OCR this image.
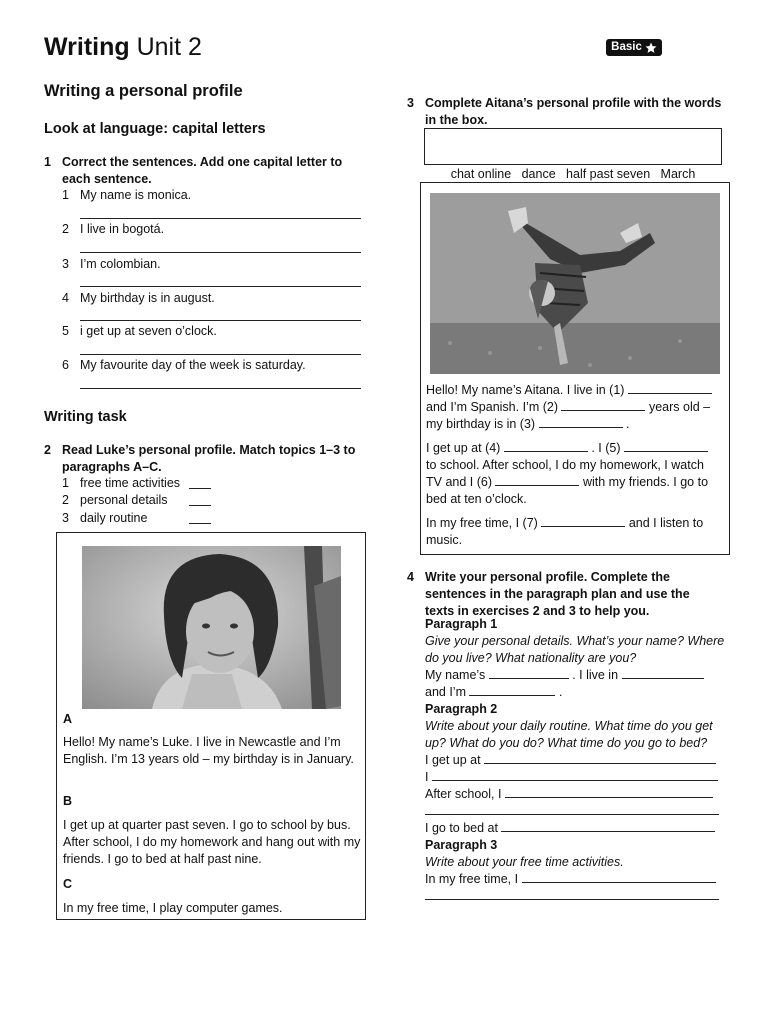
Writing Unit 2	Basic
Writing a personal profile
Look at language: capital letters
1 Correct the sentences. Add one capital letter to each sentence.
1 My name is monica.
2 I live in bogotá.
3 I’m colombian.
4 My birthday is in august.
5 i get up at seven o’clock.
6 My favourite day of the week is saturday.
Writing task
2 Read Luke’s personal profile. Match topics 1–3 to paragraphs A–C.
1 free time activities
2 personal details
3 daily routine
A

Hello! My name’s Luke. I live in Newcastle and I’m English. I’m 13 years old – my birthday is in January.

B

I get up at quarter past seven. I go to school by bus. After school, I do my homework and hang out with my friends. I go to bed at half past nine.

C

In my free time, I play computer games.

3 Complete Aitana’s personal profile with the words in the box.

chat online   dance   half past seven   March

Hello! My name’s Aitana. I live in (1)
and I’m Spanish. I’m (2)	years old –
my birthday is in (3)	.
I get up at (4)	. I (5)
to school. After school, I do my homework, I watch
TV and I (6)	with my friends. I go to
bed at ten o’clock.
In my free time, I (7)	and I listen to
music.
4 Write your personal profile. Complete the sentences in the paragraph plan and use the texts in exercises 2 and 3 to help you.
Paragraph 1
Give your personal details. What’s your name? Where do you live? What nationality are you?
My name’s	. I live in
and I’m	.
Paragraph 2
Write about your daily routine. What time do you get up? What do you do? What time do you go to bed?
I get up at
I
After school, I
I go to bed at
Paragraph 3
Write about your free time activities.
In my free time, I
